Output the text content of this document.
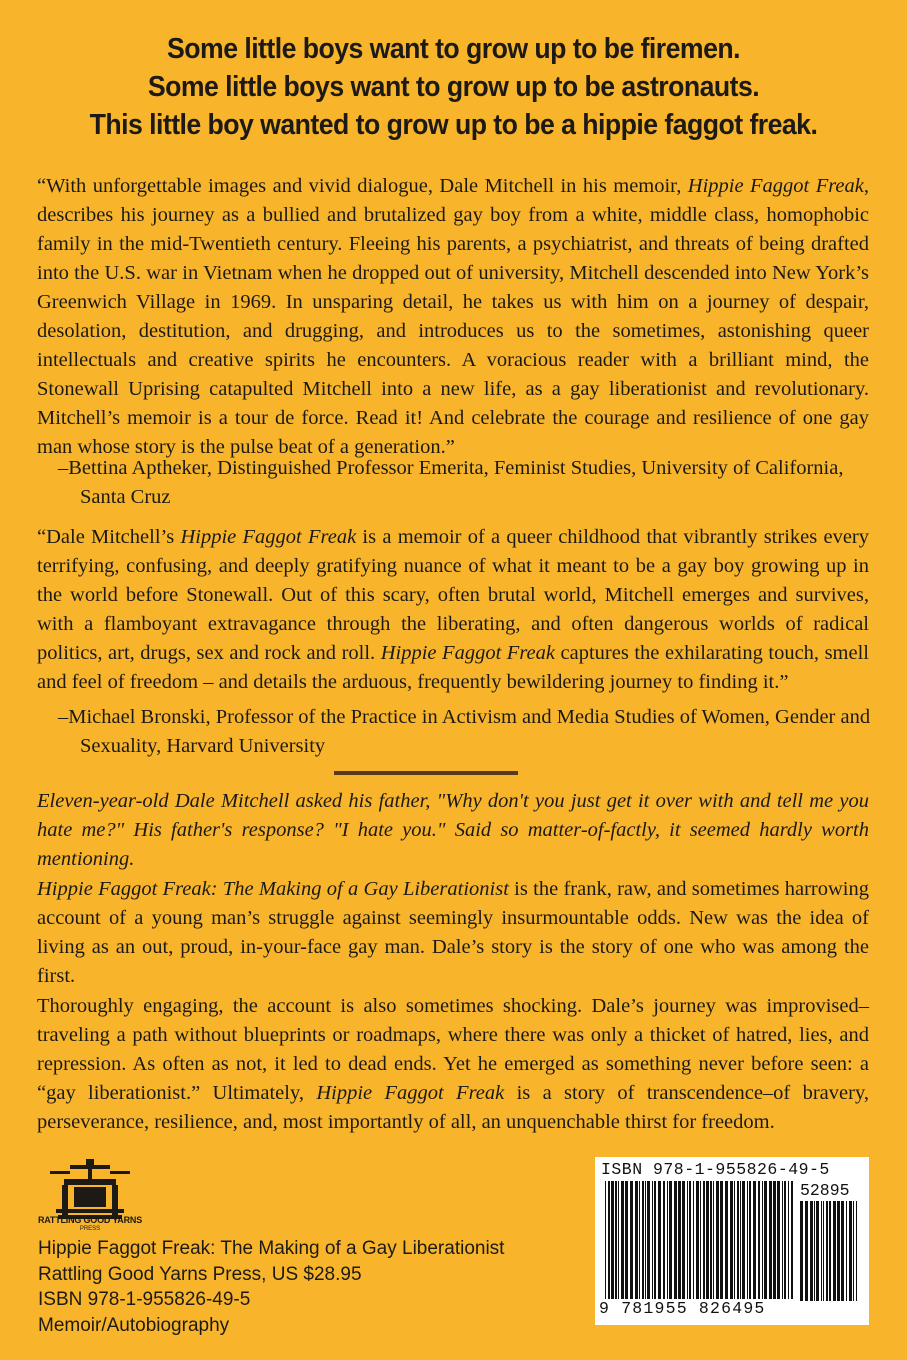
Some little boys want to grow up to be firemen.
Some little boys want to grow up to be astronauts.
This little boy wanted to grow up to be a hippie faggot freak.
“With unforgettable images and vivid dialogue, Dale Mitchell in his memoir, Hippie Faggot Freak, describes his journey as a bullied and brutalized gay boy from a white, middle class, homophobic family in the mid-Twentieth century. Fleeing his parents, a psychiatrist, and threats of being drafted into the U.S. war in Vietnam when he dropped out of university, Mitchell descended into New York’s Greenwich Village in 1969. In unsparing detail, he takes us with him on a journey of despair, desolation, destitution, and drugging, and introduces us to the sometimes, astonishing queer intellectuals and creative spirits he encounters. A voracious reader with a brilliant mind, the Stonewall Uprising catapulted Mitchell into a new life, as a gay liberationist and revolutionary. Mitchell’s memoir is a tour de force. Read it! And celebrate the courage and resilience of one gay man whose story is the pulse beat of a generation.”
–Bettina Aptheker, Distinguished Professor Emerita, Feminist Studies, University of California, Santa Cruz
“Dale Mitchell’s Hippie Faggot Freak is a memoir of a queer childhood that vibrantly strikes every terrifying, confusing, and deeply gratifying nuance of what it meant to be a gay boy growing up in the world before Stonewall. Out of this scary, often brutal world, Mitchell emerges and survives, with a flamboyant extravagance through the liberating, and often dangerous worlds of radical politics, art, drugs, sex and rock and roll. Hippie Faggot Freak captures the exhilarating touch, smell and feel of freedom – and details the arduous, frequently bewildering journey to finding it.”
–Michael Bronski, Professor of the Practice in Activism and Media Studies of Women, Gender and Sexuality, Harvard University
Eleven-year-old Dale Mitchell asked his father, "Why don't you just get it over with and tell me you hate me?" His father's response? "I hate you." Said so matter-of-factly, it seemed hardly worth mentioning.
Hippie Faggot Freak: The Making of a Gay Liberationist is the frank, raw, and sometimes harrowing account of a young man’s struggle against seemingly insurmountable odds. New was the idea of living as an out, proud, in-your-face gay man. Dale’s story is the story of one who was among the first.
Thoroughly engaging, the account is also sometimes shocking. Dale’s journey was improvised–traveling a path without blueprints or roadmaps, where there was only a thicket of hatred, lies, and repression. As often as not, it led to dead ends. Yet he emerged as something never before seen: a “gay liberationist.” Ultimately, Hippie Faggot Freak is a story of transcendence–of bravery, perseverance, resilience, and, most importantly of all, an unquenchable thirst for freedom.
RATTLING GOOD YARNS
PRESS
Hippie Faggot Freak: The Making of a Gay Liberationist
Rattling Good Yarns Press, US $28.95
ISBN 978-1-955826-49-5
Memoir/Autobiography
ISBN 978-1-955826-49-5
52895
9 781955 826495
